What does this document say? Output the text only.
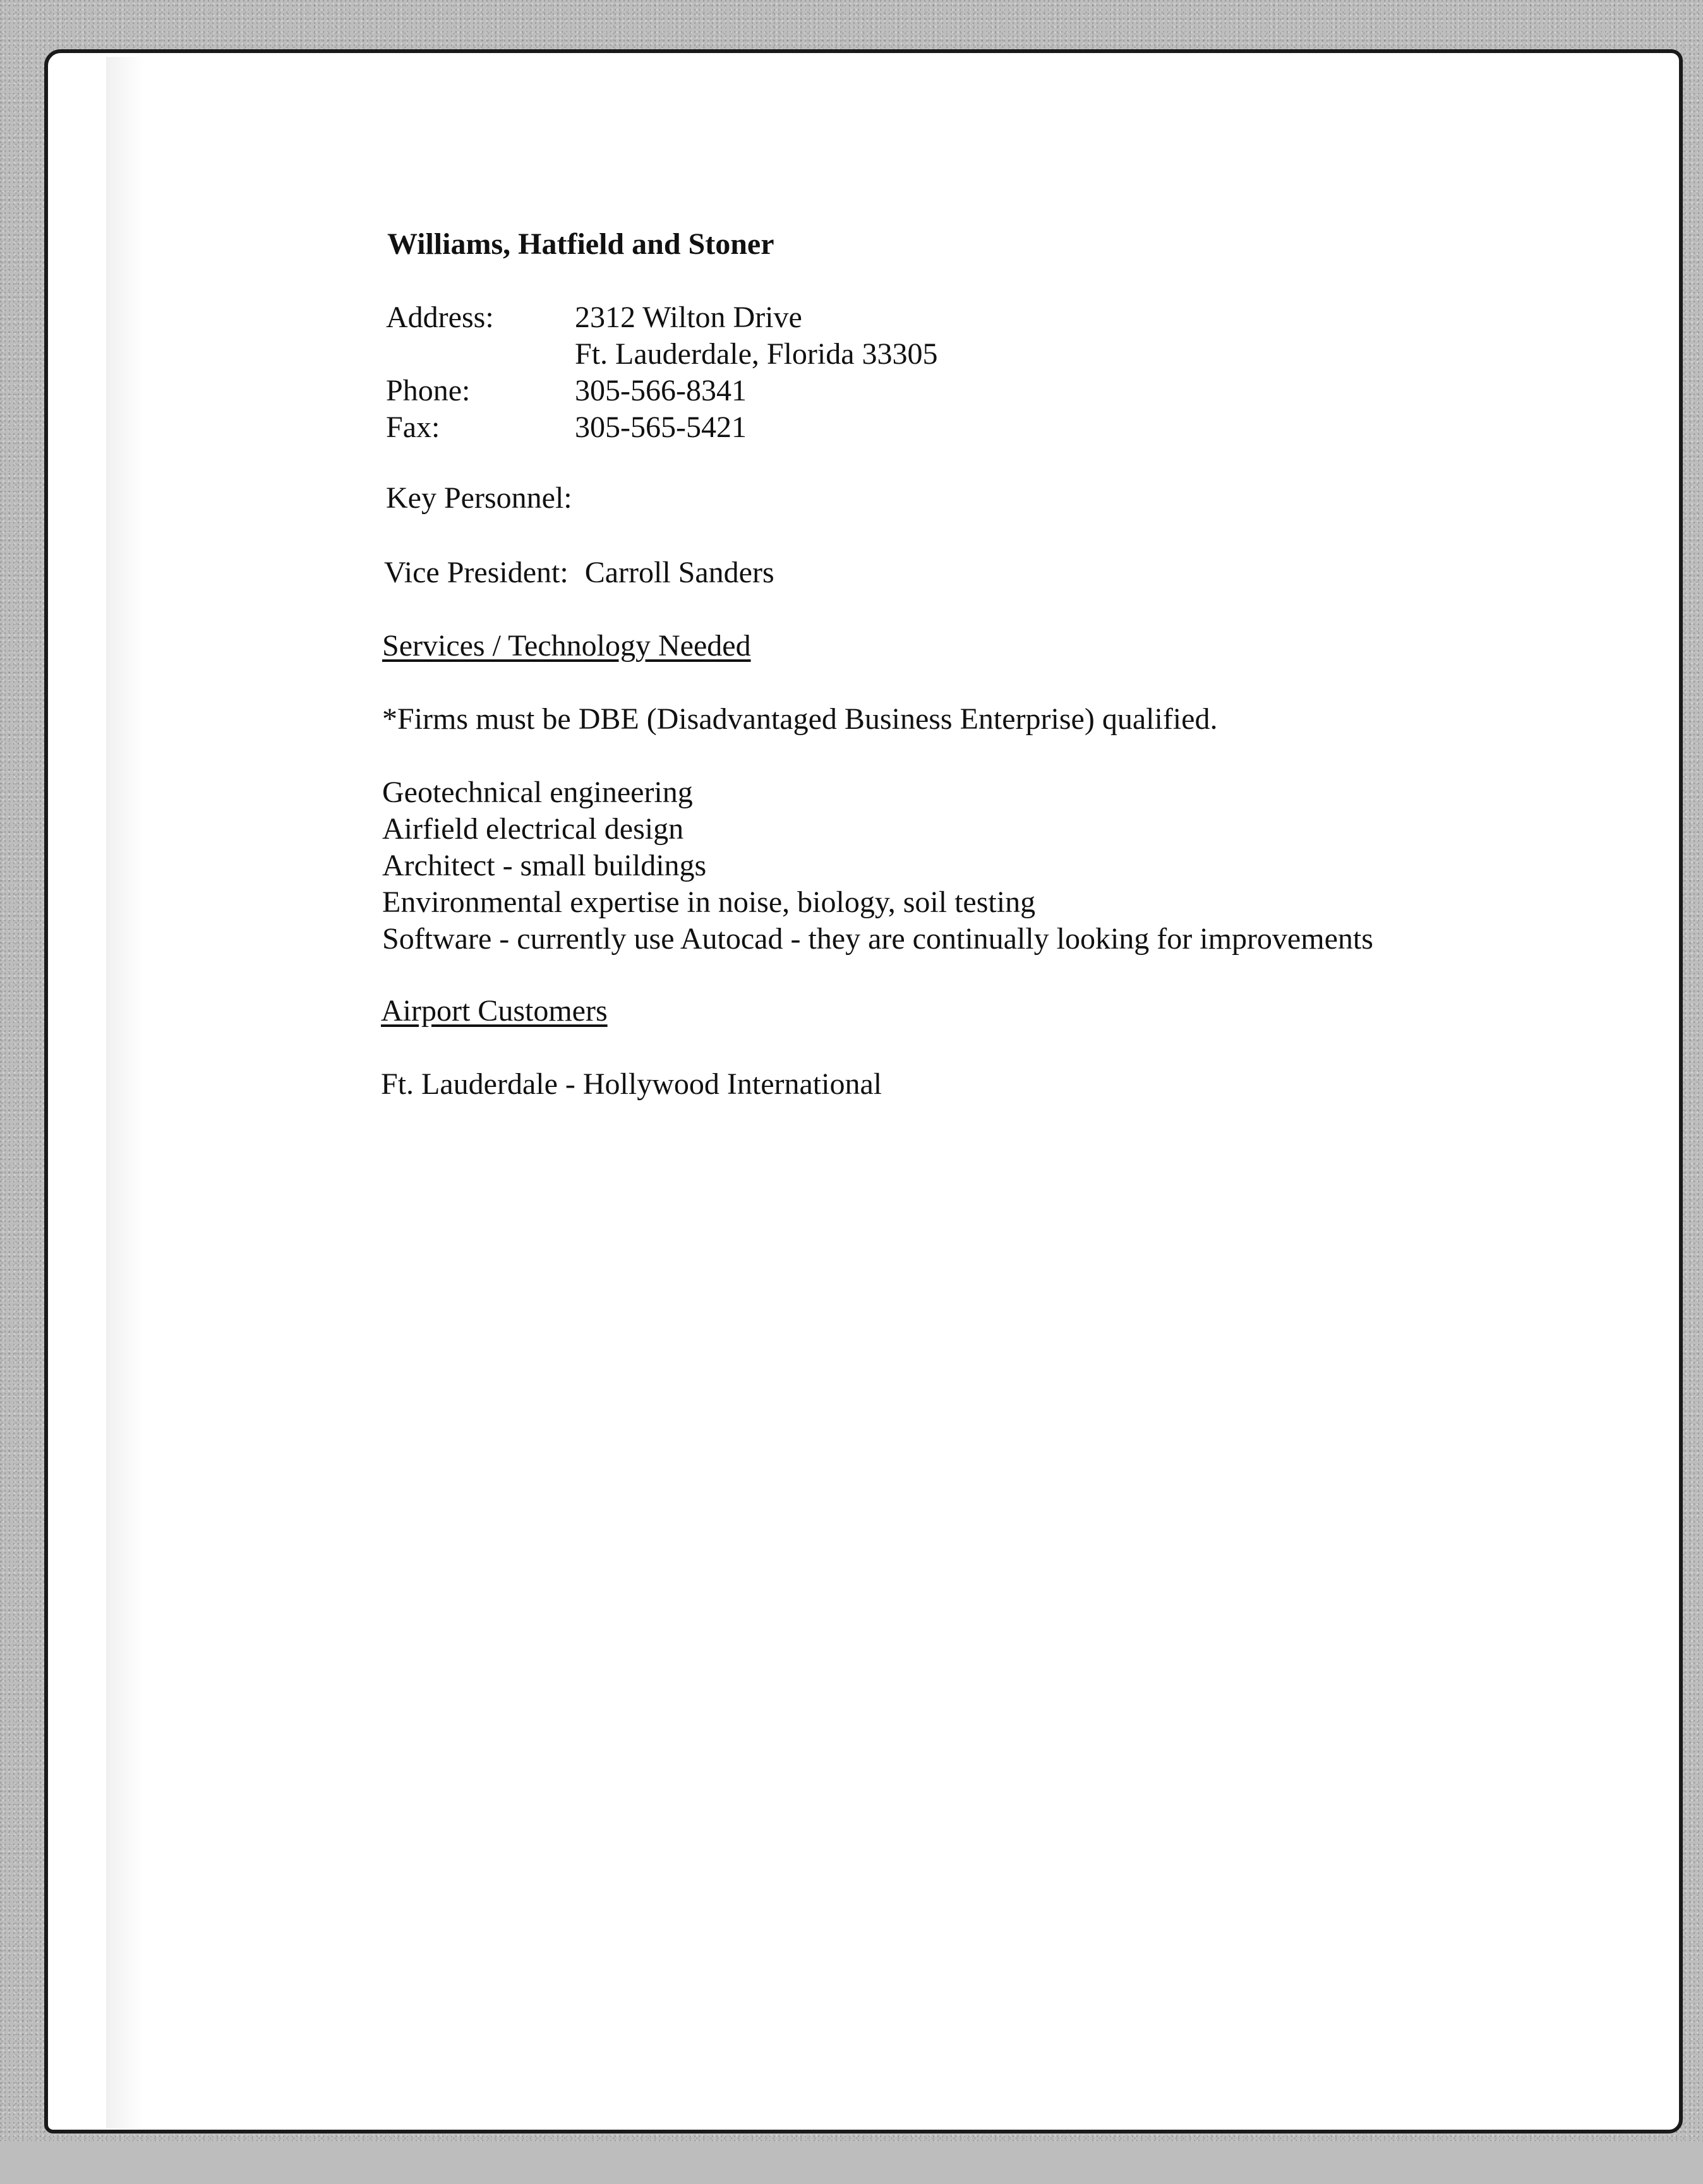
Williams, Hatfield and Stoner
Address:	2312 Wilton Drive
Ft. Lauderdale, Florida 33305
Phone:	305-566-8341
Fax:	305-565-5421
Key Personnel:
Vice President: Carroll Sanders
Services / Technology Needed
*Firms must be DBE (Disadvantaged Business Enterprise) qualified.
Geotechnical engineering
Airfield electrical design
Architect - small buildings
Environmental expertise in noise, biology, soil testing
Software - currently use Autocad - they are continually looking for improvements
Airport Customers
Ft. Lauderdale - Hollywood International
